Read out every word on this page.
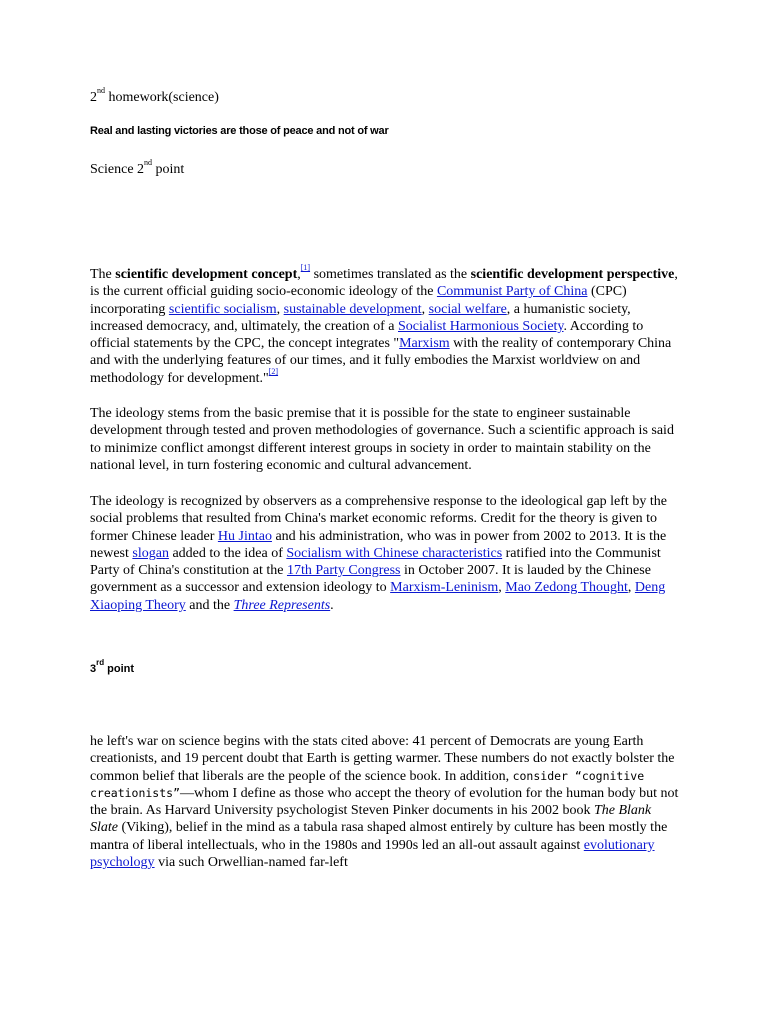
2nd homework(science)
Real and lasting victories are those of peace and not of war
Science 2nd point

The scientific development concept,[1] sometimes translated as the scientific development perspective, is the current official guiding socio-economic ideology of the Communist Party of China (CPC) incorporating scientific socialism, sustainable development, social welfare, a humanistic society, increased democracy, and, ultimately, the creation of a Socialist Harmonious Society. According to official statements by the CPC, the concept integrates "Marxism with the reality of contemporary China and with the underlying features of our times, and it fully embodies the Marxist worldview on and methodology for development."[2]

The ideology stems from the basic premise that it is possible for the state to engineer sustainable development through tested and proven methodologies of governance. Such a scientific approach is said to minimize conflict amongst different interest groups in society in order to maintain stability on the national level, in turn fostering economic and cultural advancement.

The ideology is recognized by observers as a comprehensive response to the ideological gap left by the social problems that resulted from China's market economic reforms. Credit for the theory is given to former Chinese leader Hu Jintao and his administration, who was in power from 2002 to 2013. It is the newest slogan added to the idea of Socialism with Chinese characteristics ratified into the Communist Party of China's constitution at the 17th Party Congress in October 2007. It is lauded by the Chinese government as a successor and extension ideology to Marxism-Leninism, Mao Zedong Thought, Deng Xiaoping Theory and the Three Represents.

3rd point

he left's war on science begins with the stats cited above: 41 percent of Democrats are young Earth creationists, and 19 percent doubt that Earth is getting warmer. These numbers do not exactly bolster the common belief that liberals are the people of the science book. In addition, consider “cognitive creationists”—whom I define as those who accept the theory of evolution for the human body but not the brain. As Harvard University psychologist Steven Pinker documents in his 2002 book The Blank Slate (Viking), belief in the mind as a tabula rasa shaped almost entirely by culture has been mostly the mantra of liberal intellectuals, who in the 1980s and 1990s led an all-out assault against evolutionary psychology via such Orwellian-named far-left
